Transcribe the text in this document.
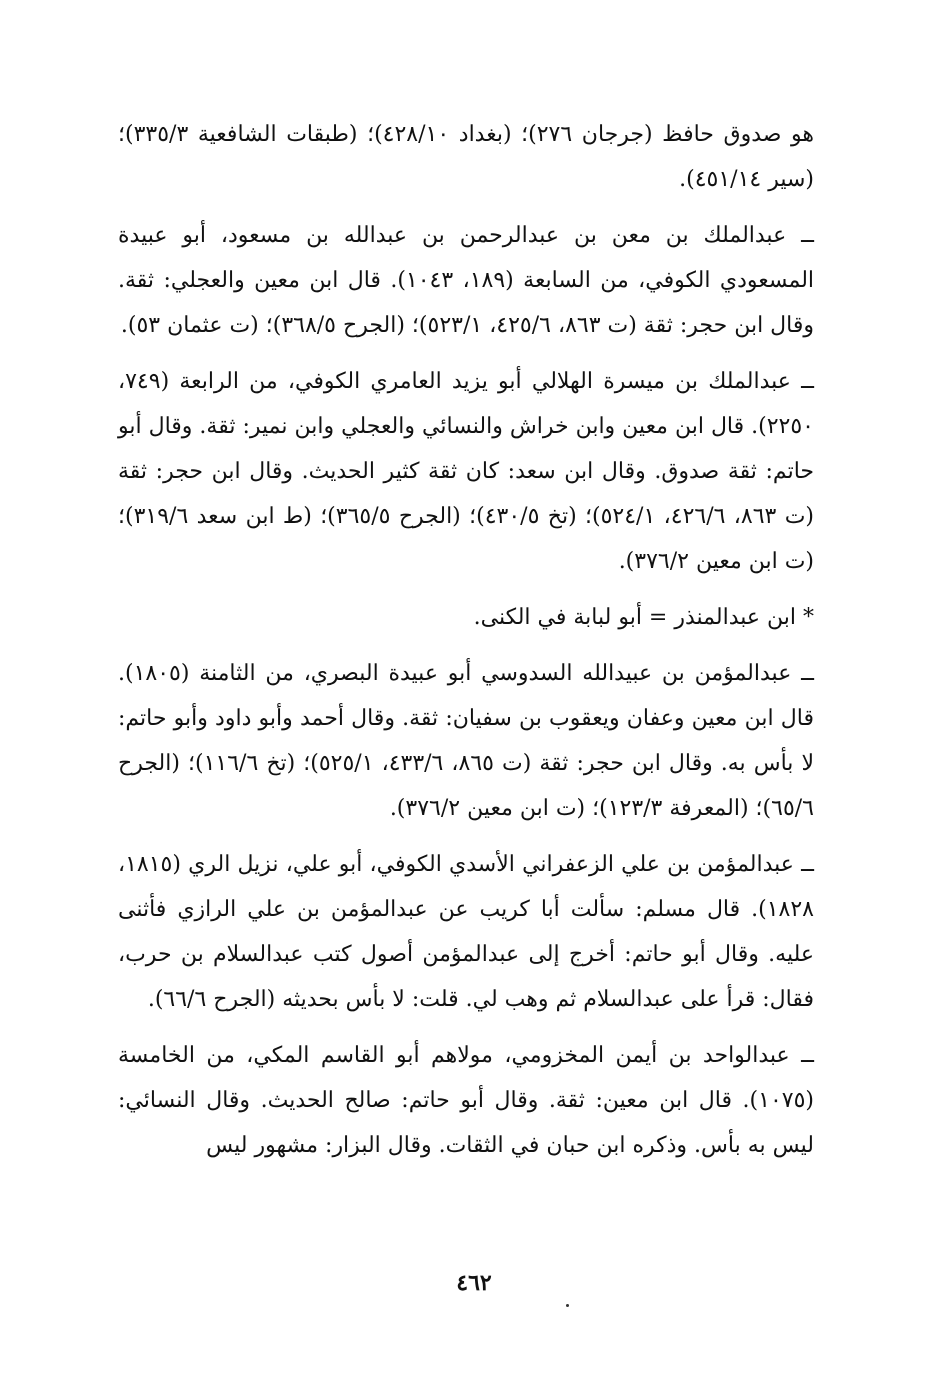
هو صدوق حافظ (جرجان ٢٧٦)؛ (بغداد ٤٢٨/١٠)؛ (طبقات الشافعية ٣٣٥/٣)؛ (سير ٤٥١/١٤).

ــ عبدالملك بن معن بن عبدالرحمن بن عبدالله بن مسعود، أبو عبيدة المسعودي الكوفي، من السابعة (١٨٩، ١٠٤٣). قال ابن معين والعجلي: ثقة. وقال ابن حجر: ثقة (ت ٨٦٣، ٤٢٥/٦، ٥٢٣/١)؛ (الجرح ٣٦٨/٥)؛ (ت عثمان ٥٣).

ــ عبدالملك بن ميسرة الهلالي أبو يزيد العامري الكوفي، من الرابعة (٧٤٩، ٢٢٥٠). قال ابن معين وابن خراش والنسائي والعجلي وابن نمير: ثقة. وقال أبو حاتم: ثقة صدوق. وقال ابن سعد: كان ثقة كثير الحديث. وقال ابن حجر: ثقة (ت ٨٦٣، ٤٢٦/٦، ٥٢٤/١)؛ (تخ ٤٣٠/٥)؛ (الجرح ٣٦٥/٥)؛ (ط ابن سعد ٣١٩/٦)؛ (ت ابن معين ٣٧٦/٢).

* ابن عبدالمنذر = أبو لبابة في الكنى.

ــ عبدالمؤمن بن عبيدالله السدوسي أبو عبيدة البصري، من الثامنة (١٨٠٥). قال ابن معين وعفان ويعقوب بن سفيان: ثقة. وقال أحمد وأبو داود وأبو حاتم: لا بأس به. وقال ابن حجر: ثقة (ت ٨٦٥، ٤٣٣/٦، ٥٢٥/١)؛ (تخ ١١٦/٦)؛ (الجرح ٦٥/٦)؛ (المعرفة ١٢٣/٣)؛ (ت ابن معين ٣٧٦/٢).

ــ عبدالمؤمن بن علي الزعفراني الأسدي الكوفي، أبو علي، نزيل الري (١٨١٥، ١٨٢٨). قال مسلم: سألت أبا كريب عن عبدالمؤمن بن علي الرازي فأثنى عليه. وقال أبو حاتم: أخرج إلى عبدالمؤمن أصول كتب عبدالسلام بن حرب، فقال: قرأ على عبدالسلام ثم وهب لي. قلت: لا بأس بحديثه (الجرح ٦٦/٦).

ــ عبدالواحد بن أيمن المخزومي، مولاهم أبو القاسم المكي، من الخامسة (١٠٧٥). قال ابن معين: ثقة. وقال أبو حاتم: صالح الحديث. وقال النسائي: ليس به بأس. وذكره ابن حبان في الثقات. وقال البزار: مشهور ليس

٤٦٢
